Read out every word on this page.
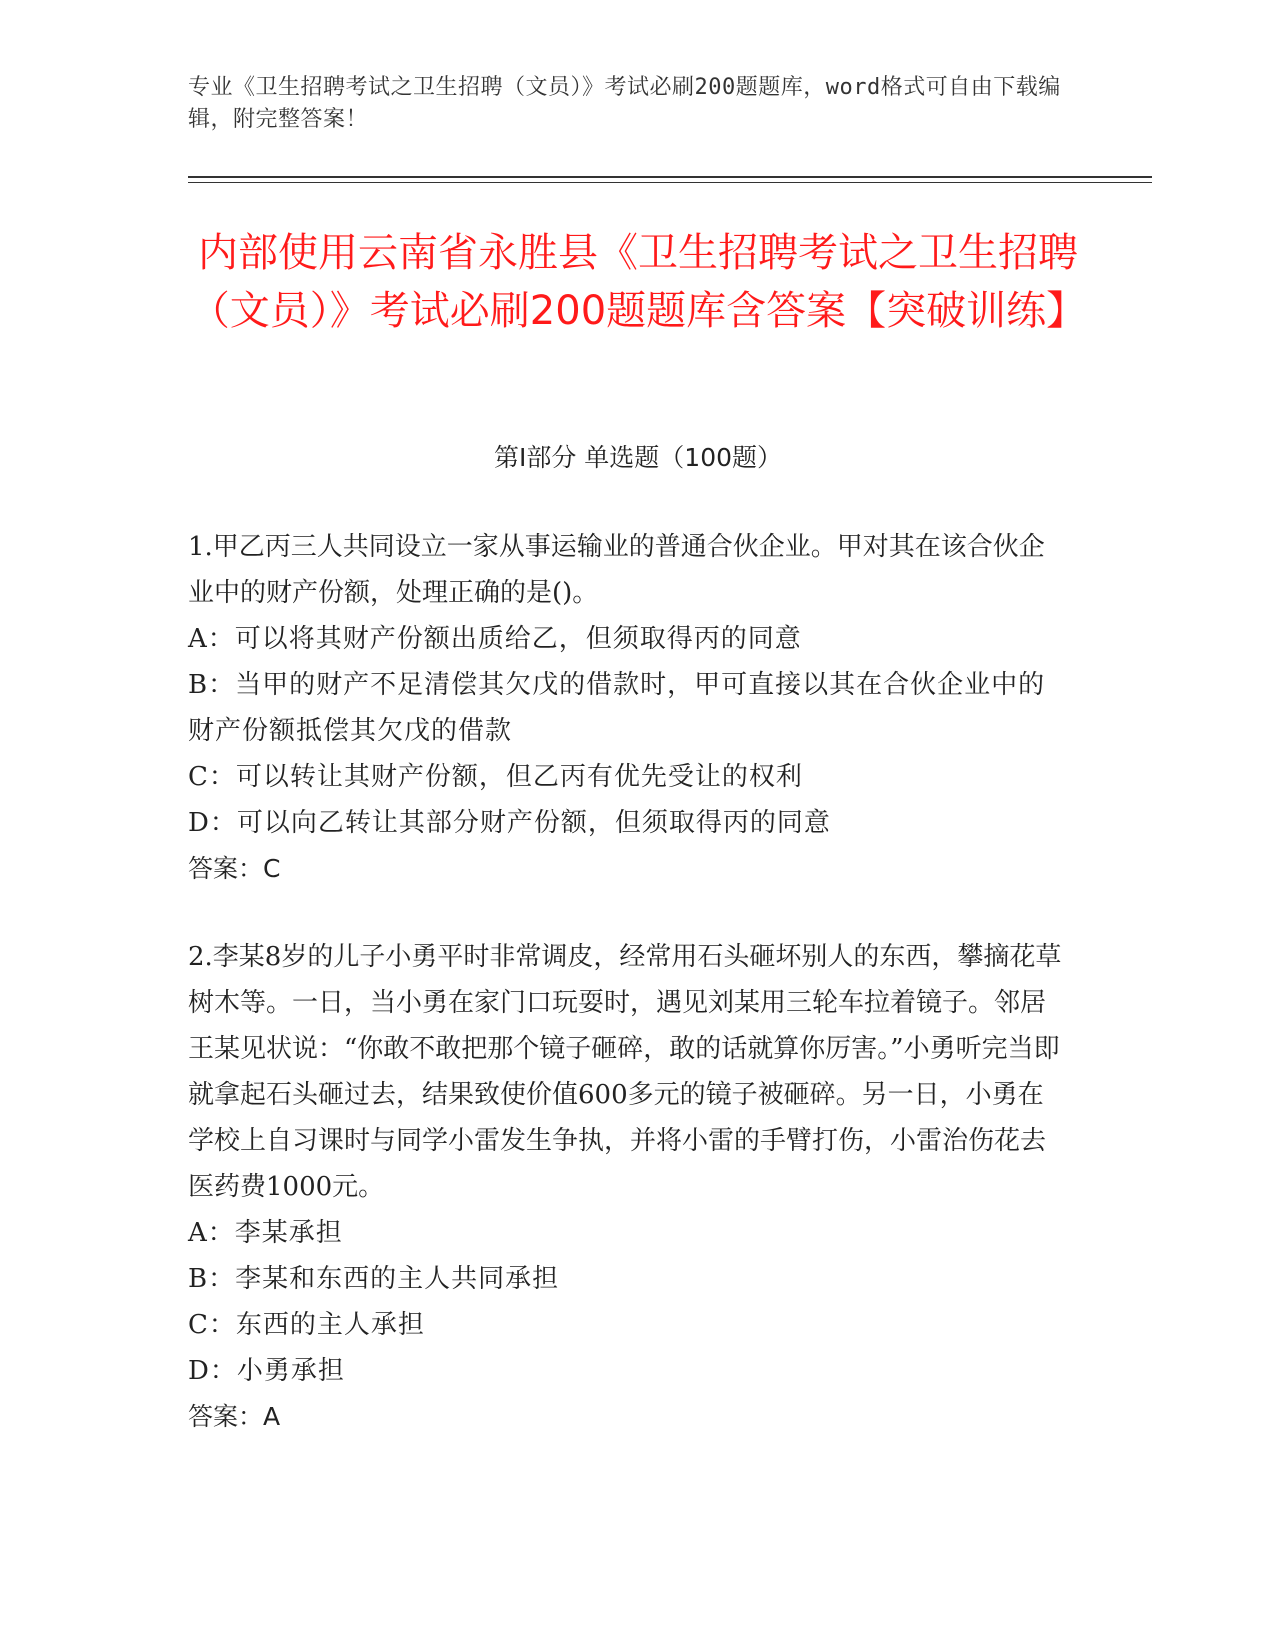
专业《卫生招聘考试之卫生招聘（文员）》考试必刷200题题库，word格式可自由下载编辑，附完整答案！
内部使用云南省永胜县《卫生招聘考试之卫生招聘（文员）》考试必刷200题题库含答案【突破训练】
第I部分 单选题（100题）

1.甲乙丙三人共同设立一家从事运输业的普通合伙企业。甲对其在该合伙企业中的财产份额，处理正确的是()。

A：可以将其财产份额出质给乙，但须取得丙的同意

B：当甲的财产不足清偿其欠戊的借款时，甲可直接以其在合伙企业中的财产份额抵偿其欠戊的借款

C：可以转让其财产份额，但乙丙有优先受让的权利

D：可以向乙转让其部分财产份额，但须取得丙的同意

答案：C

2.李某8岁的儿子小勇平时非常调皮，经常用石头砸坏别人的东西，攀摘花草树木等。一日，当小勇在家门口玩耍时，遇见刘某用三轮车拉着镜子。邻居王某见状说：“你敢不敢把那个镜子砸碎，敢的话就算你厉害。”小勇听完当即就拿起石头砸过去，结果致使价值600多元的镜子被砸碎。另一日，小勇在学校上自习课时与同学小雷发生争执，并将小雷的手臂打伤，小雷治伤花去医药费1000元。

A：李某承担

B：李某和东西的主人共同承担

C：东西的主人承担

D：小勇承担

答案：A
